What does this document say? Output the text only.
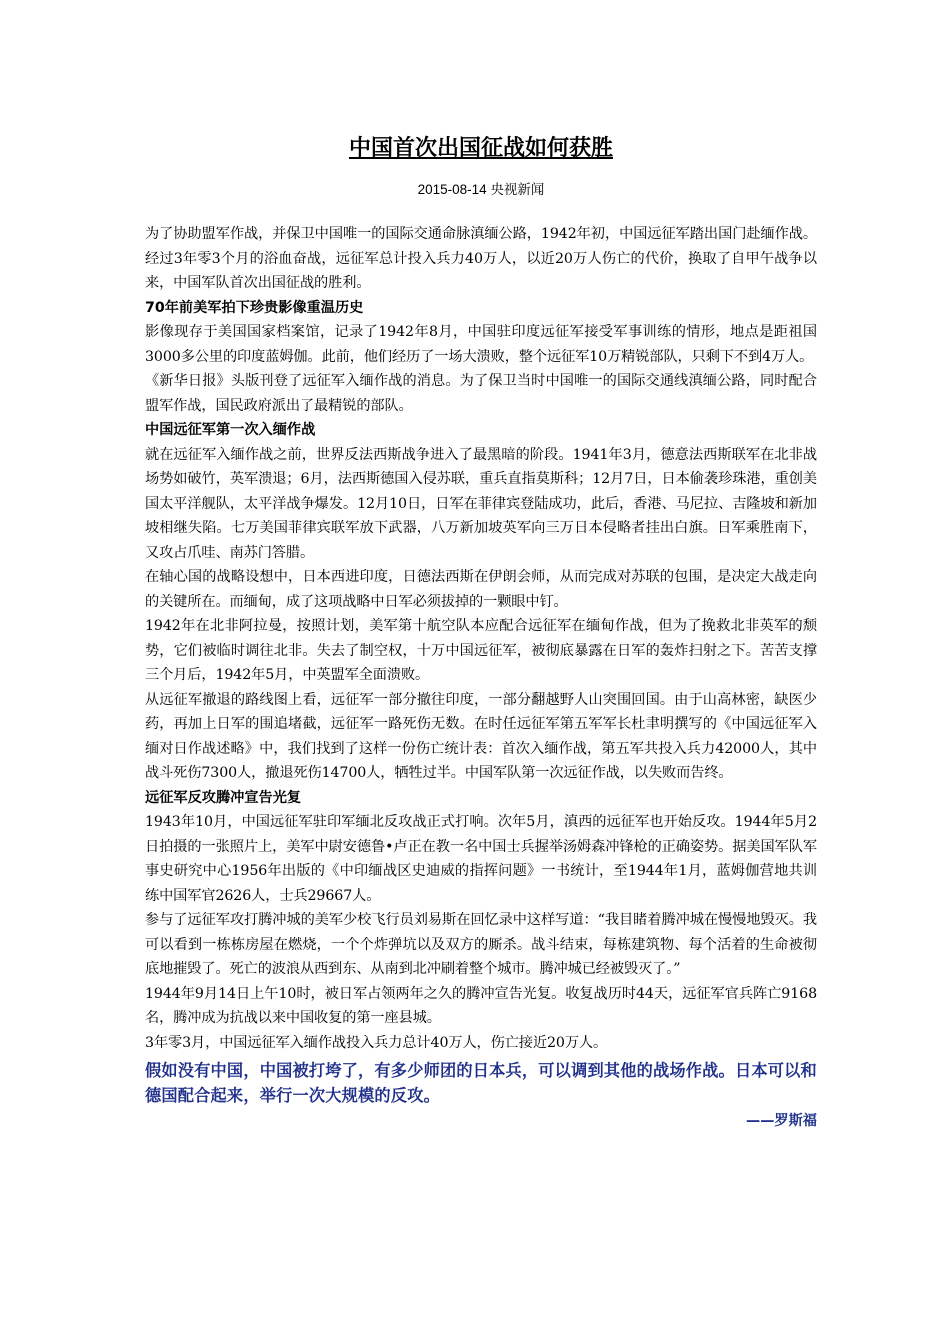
中国首次出国征战如何获胜
2015-08-14 央视新闻

为了协助盟军作战，并保卫中国唯一的国际交通命脉滇缅公路，1942年初，中国远征军踏出国门赴缅作战。经过3年零3个月的浴血奋战，远征军总计投入兵力40万人，以近20万人伤亡的代价，换取了自甲午战争以来，中国军队首次出国征战的胜利。

70年前美军拍下珍贵影像重温历史

影像现存于美国国家档案馆，记录了1942年8月，中国驻印度远征军接受军事训练的情形，地点是距祖国3000多公里的印度蓝姆伽。此前，他们经历了一场大溃败，整个远征军10万精锐部队，只剩下不到4万人。

《新华日报》头版刊登了远征军入缅作战的消息。为了保卫当时中国唯一的国际交通线滇缅公路，同时配合盟军作战，国民政府派出了最精锐的部队。

中国远征军第一次入缅作战

就在远征军入缅作战之前，世界反法西斯战争进入了最黑暗的阶段。1941年3月，德意法西斯联军在北非战场势如破竹，英军溃退；6月，法西斯德国入侵苏联，重兵直指莫斯科；12月7日，日本偷袭珍珠港，重创美国太平洋舰队，太平洋战争爆发。12月10日，日军在菲律宾登陆成功，此后，香港、马尼拉、吉隆坡和新加坡相继失陷。七万美国菲律宾联军放下武器，八万新加坡英军向三万日本侵略者挂出白旗。日军乘胜南下，又攻占爪哇、南苏门答腊。

在轴心国的战略设想中，日本西进印度，日德法西斯在伊朗会师，从而完成对苏联的包围，是决定大战走向的关键所在。而缅甸，成了这项战略中日军必须拔掉的一颗眼中钉。

1942年在北非阿拉曼，按照计划，美军第十航空队本应配合远征军在缅甸作战，但为了挽救北非英军的颓势，它们被临时调往北非。失去了制空权，十万中国远征军，被彻底暴露在日军的轰炸扫射之下。苦苦支撑三个月后，1942年5月，中英盟军全面溃败。

从远征军撤退的路线图上看，远征军一部分撤往印度，一部分翻越野人山突围回国。由于山高林密，缺医少药，再加上日军的围追堵截，远征军一路死伤无数。在时任远征军第五军军长杜聿明撰写的《中国远征军入缅对日作战述略》中，我们找到了这样一份伤亡统计表：首次入缅作战，第五军共投入兵力42000人，其中战斗死伤7300人，撤退死伤14700人，牺牲过半。中国军队第一次远征作战，以失败而告终。

远征军反攻腾冲宣告光复

1943年10月，中国远征军驻印军缅北反攻战正式打响。次年5月，滇西的远征军也开始反攻。1944年5月2日拍摄的一张照片上，美军中尉安德鲁•卢正在教一名中国士兵握举汤姆森冲锋枪的正确姿势。据美国军队军事史研究中心1956年出版的《中印缅战区史迪威的指挥问题》一书统计，至1944年1月，蓝姆伽营地共训练中国军官2626人，士兵29667人。

参与了远征军攻打腾冲城的美军少校飞行员刘易斯在回忆录中这样写道：“我目睹着腾冲城在慢慢地毁灭。我可以看到一栋栋房屋在燃烧，一个个炸弹坑以及双方的厮杀。战斗结束，每栋建筑物、每个活着的生命被彻底地摧毁了。死亡的波浪从西到东、从南到北冲刷着整个城市。腾冲城已经被毁灭了。”

1944年9月14日上午10时，被日军占领两年之久的腾冲宣告光复。收复战历时44天，远征军官兵阵亡9168名，腾冲成为抗战以来中国收复的第一座县城。

3年零3月，中国远征军入缅作战投入兵力总计40万人，伤亡接近20万人。

假如没有中国，中国被打垮了，有多少师团的日本兵，可以调到其他的战场作战。日本可以和德国配合起来，举行一次大规模的反攻。

——罗斯福
